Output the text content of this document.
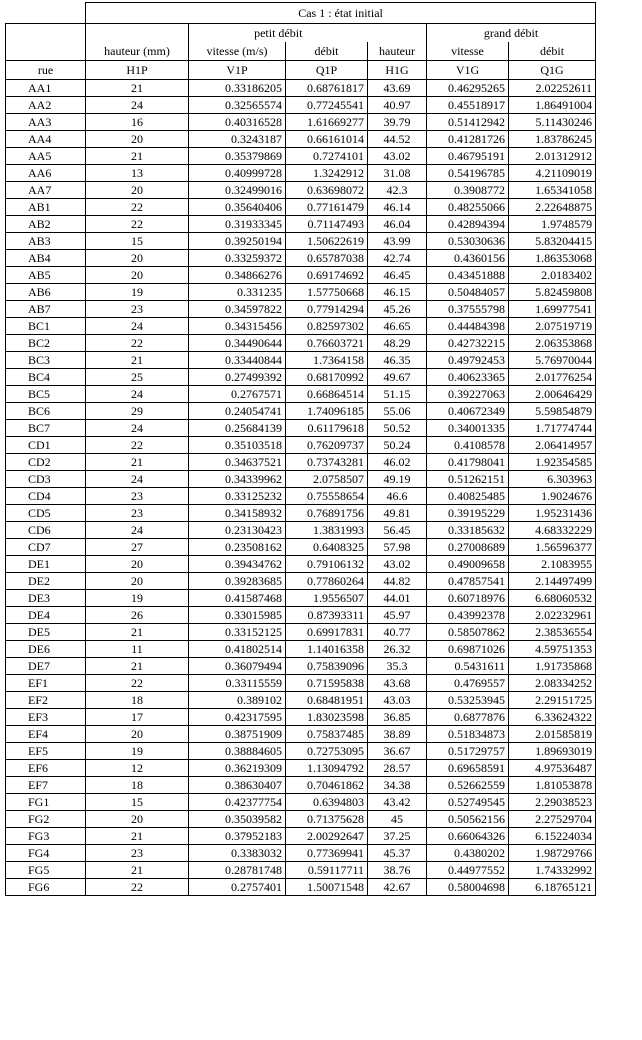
	Cas 1 : état initial					
		petit débit			grand débit	
	hauteur (mm)	vitesse (m/s)	débit	hauteur	vitesse	débit
rue	H1P	V1P	Q1P	H1G	V1G	Q1G
AA1	21	0.33186205	0.68761817	43.69	0.46295265	2.02252611
AA2	24	0.32565574	0.77245541	40.97	0.45518917	1.86491004
AA3	16	0.40316528	1.61669277	39.79	0.51412942	5.11430246
AA4	20	0.3243187	0.66161014	44.52	0.41281726	1.83786245
AA5	21	0.35379869	0.7274101	43.02	0.46795191	2.01312912
AA6	13	0.40999728	1.3242912	31.08	0.54196785	4.21109019
AA7	20	0.32499016	0.63698072	42.3	0.3908772	1.65341058
AB1	22	0.35640406	0.77161479	46.14	0.48255066	2.22648875
AB2	22	0.31933345	0.71147493	46.04	0.42894394	1.9748579
AB3	15	0.39250194	1.50622619	43.99	0.53030636	5.83204415
AB4	20	0.33259372	0.65787038	42.74	0.4360156	1.86353068
AB5	20	0.34866276	0.69174692	46.45	0.43451888	2.0183402
AB6	19	0.331235	1.57750668	46.15	0.50484057	5.82459808
AB7	23	0.34597822	0.77914294	45.26	0.37555798	1.69977541
BC1	24	0.34315456	0.82597302	46.65	0.44484398	2.07519719
BC2	22	0.34490644	0.76603721	48.29	0.42732215	2.06353868
BC3	21	0.33440844	1.7364158	46.35	0.49792453	5.76970044
BC4	25	0.27499392	0.68170992	49.67	0.40623365	2.01776254
BC5	24	0.2767571	0.66864514	51.15	0.39227063	2.00646429
BC6	29	0.24054741	1.74096185	55.06	0.40672349	5.59854879
BC7	24	0.25684139	0.61179618	50.52	0.34001335	1.71774744
CD1	22	0.35103518	0.76209737	50.24	0.4108578	2.06414957
CD2	21	0.34637521	0.73743281	46.02	0.41798041	1.92354585
CD3	24	0.34339962	2.0758507	49.19	0.51262151	6.303963
CD4	23	0.33125232	0.75558654	46.6	0.40825485	1.9024676
CD5	23	0.34158932	0.76891756	49.81	0.39195229	1.95231436
CD6	24	0.23130423	1.3831993	56.45	0.33185632	4.68332229
CD7	27	0.23508162	0.6408325	57.98	0.27008689	1.56596377
DE1	20	0.39434762	0.79106132	43.02	0.49009658	2.1083955
DE2	20	0.39283685	0.77860264	44.82	0.47857541	2.14497499
DE3	19	0.41587468	1.9556507	44.01	0.60718976	6.68060532
DE4	26	0.33015985	0.87393311	45.97	0.43992378	2.02232961
DE5	21	0.33152125	0.69917831	40.77	0.58507862	2.38536554
DE6	11	0.41802514	1.14016358	26.32	0.69871026	4.59751353
DE7	21	0.36079494	0.75839096	35.3	0.5431611	1.91735868
EF1	22	0.33115559	0.71595838	43.68	0.4769557	2.08334252
EF2	18	0.389102	0.68481951	43.03	0.53253945	2.29151725
EF3	17	0.42317595	1.83023598	36.85	0.6877876	6.33624322
EF4	20	0.38751909	0.75837485	38.89	0.51834873	2.01585819
EF5	19	0.38884605	0.72753095	36.67	0.51729757	1.89693019
EF6	12	0.36219309	1.13094792	28.57	0.69658591	4.97536487
EF7	18	0.38630407	0.70461862	34.38	0.52662559	1.81053878
FG1	15	0.42377754	0.6394803	43.42	0.52749545	2.29038523
FG2	20	0.35039582	0.71375628	45	0.50562156	2.27529704
FG3	21	0.37952183	2.00292647	37.25	0.66064326	6.15224034
FG4	23	0.3383032	0.77369941	45.37	0.4380202	1.98729766
FG5	21	0.28781748	0.59117711	38.76	0.44977552	1.74332992
FG6	22	0.2757401	1.50071548	42.67	0.58004698	6.18765121
